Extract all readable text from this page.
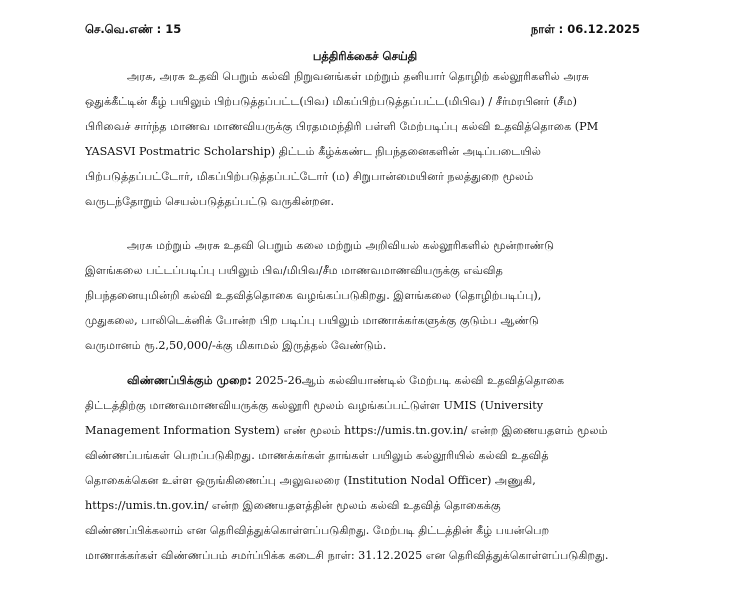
செ.வெ.எண் : 15	நாள் : 06.12.2025
பத்திரிக்கைச் செய்தி
அரசு, அரசு உதவி பெறும் கல்வி நிறுவனங்கள் மற்றும் தனியார் தொழிற் கல்லூரிகளில் அரசு
ஒதுக்கீட்டின் கீழ் பயிலும் பிற்படுத்தப்பட்ட(பிவ) மிகப்பிற்படுத்தப்பட்ட(மிபிவ) / சீர்மரபினர் (சீம)
பிரிவைச் சார்ந்த மாணவ மாணவியருக்கு பிரதமமந்திரி பள்ளி மேற்படிப்பு கல்வி உதவித்தொகை (PM
YASASVI Postmatric Scholarship) திட்டம் கீழ்க்கண்ட நிபந்தனைகளின் அடிப்படையில்
பிற்படுத்தப்பட்டோர், மிகப்பிற்படுத்தப்பட்டோர் (ம) சிறுபான்மையினர் நலத்துறை மூலம்
வருடந்தோறும் செயல்படுத்தப்பட்டு வருகின்றன.
அரசு மற்றும் அரசு உதவி பெறும் கலை மற்றும் அறிவியல் கல்லூரிகளில் மூன்றாண்டு
இளங்கலை பட்டப்படிப்பு பயிலும் பிவ/மிபிவ/சீம மாணவமாணவியருக்கு எவ்வித
நிபந்தனையுமின்றி கல்வி உதவித்தொகை வழங்கப்படுகிறது. இளங்கலை (தொழிற்படிப்பு),
முதுகலை, பாலிடெக்னிக் போன்ற பிற படிப்பு பயிலும் மாணாக்கர்களுக்கு குடும்ப ஆண்டு
வருமானம் ரூ.2,50,000/-க்கு மிகாமல் இருத்தல் வேண்டும்.
விண்ணப்பிக்கும் முறை: 2025-26ஆம் கல்வியாண்டில் மேற்படி கல்வி உதவித்தொகை
திட்டத்திற்கு மாணவமாணவியருக்கு கல்லூரி மூலம் வழங்கப்பட்டுள்ள UMIS (University
Management Information System) எண் மூலம் https://umis.tn.gov.in/ என்ற இணையதளம் மூலம்
விண்ணப்பங்கள் பெறப்படுகிறது. மாணக்கர்கள் தாங்கள் பயிலும் கல்லூரியில் கல்வி உதவித்
தொகைக்கென உள்ள ஒருங்கிணைப்பு அலுவலரை (Institution Nodal Officer) அணுகி,
https://umis.tn.gov.in/ என்ற இணையதளத்தின் மூலம் கல்வி உதவித் தொகைக்கு
விண்ணப்பிக்கலாம் என தெரிவித்துக்கொள்ளப்படுகிறது. மேற்படி திட்டத்தின் கீழ் பயன்பெற
மாணாக்கர்கள் விண்ணப்பம் சமர்ப்பிக்க கடைசி நாள்: 31.12.2025 என தெரிவித்துக்கொள்ளப்படுகிறது.
